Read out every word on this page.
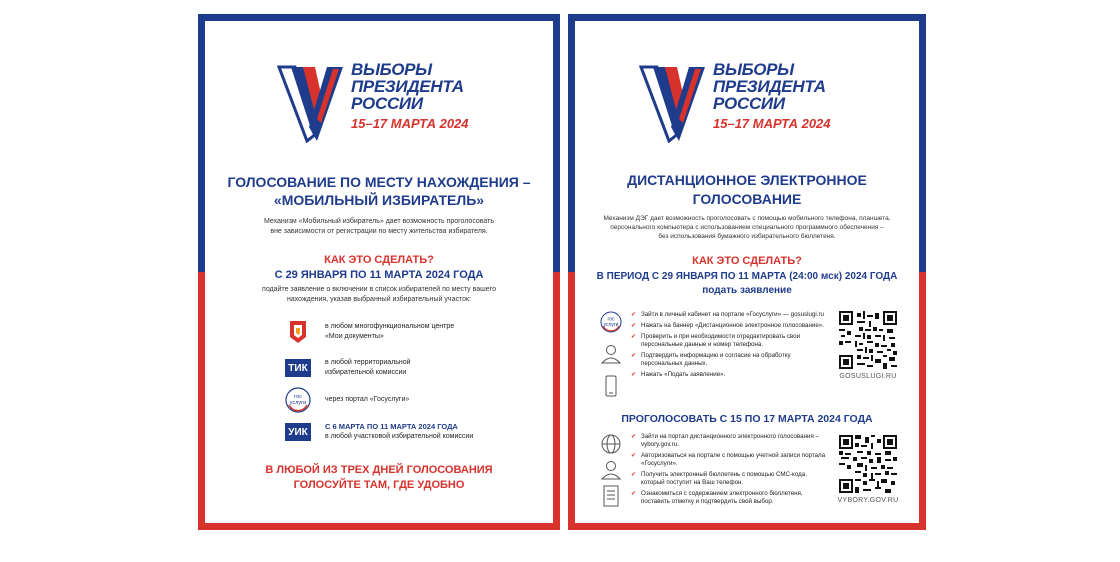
ВЫБОРЫ
ПРЕЗИДЕНТА
РОССИИ
15–17 МАРТА 2024
ГОЛОСОВАНИЕ ПО МЕСТУ НАХОЖДЕНИЯ –
«МОБИЛЬНЫЙ ИЗБИРАТЕЛЬ»
Механизм «Мобильный избиратель» дает возможность проголосовать
вне зависимости от регистрации по месту жительства избирателя.
КАК ЭТО СДЕЛАТЬ?
С 29 ЯНВАРЯ ПО 11 МАРТА 2024 ГОДА
подайте заявление о включении в список избирателей по месту вашего
нахождения, указав выбранный избирательный участок:
в любом многофункциональном центре
«Мои документы»
ТИК	в любой территориальной
избирательной комиссии
гос
услуги	через портал «Госуслуги»
УИК	С 6 МАРТА ПО 11 МАРТА 2024 ГОДА
в любой участковой избирательной комиссии
В ЛЮБОЙ ИЗ ТРЕХ ДНЕЙ ГОЛОСОВАНИЯ
ГОЛОСУЙТЕ ТАМ, ГДЕ УДОБНО
ВЫБОРЫ
ПРЕЗИДЕНТА
РОССИИ
15–17 МАРТА 2024
ДИСТАНЦИОННОЕ ЭЛЕКТРОННОЕ
ГОЛОСОВАНИЕ
Механизм ДЭГ дает возможность проголосовать с помощью мобильного телефона, планшета,
персонального компьютера с использованием специального программного обеспечения –
без использования бумажного избирательного бюллетеня.
КАК ЭТО СДЕЛАТЬ?
В ПЕРИОД С 29 ЯНВАРЯ ПО 11 МАРТА (24:00 мск) 2024 ГОДА
подать заявление
гос
услуги
✔ Зайти в личный кабинет на портале «Госуслуги» — gosuslugi.ru
✔ Нажать на баннер «Дистанционное электронное голосование».
✔ Проверить и при необходимости отредактировать свои персональные данные и номер телефона.
✔ Подтвердить информацию и согласие на обработку персональных данных.
✔ Нажать «Подать заявление».	GOSUSLUGI.RU
ПРОГОЛОСОВАТЬ С 15 ПО 17 МАРТА 2024 ГОДА
✔ Зайти на портал дистанционного электронного голосования – vybory.gov.ru.
✔ Авторизоваться на портале с помощью учетной записи портала «Госуслуги».
✔ Получить электронный бюллетень с помощью СМС-кода, который поступит на Ваш телефон.
✔ Ознакомиться с содержанием электронного бюллетеня, поставить отметку и подтвердить свой выбор.	VYBORY.GOV.RU
